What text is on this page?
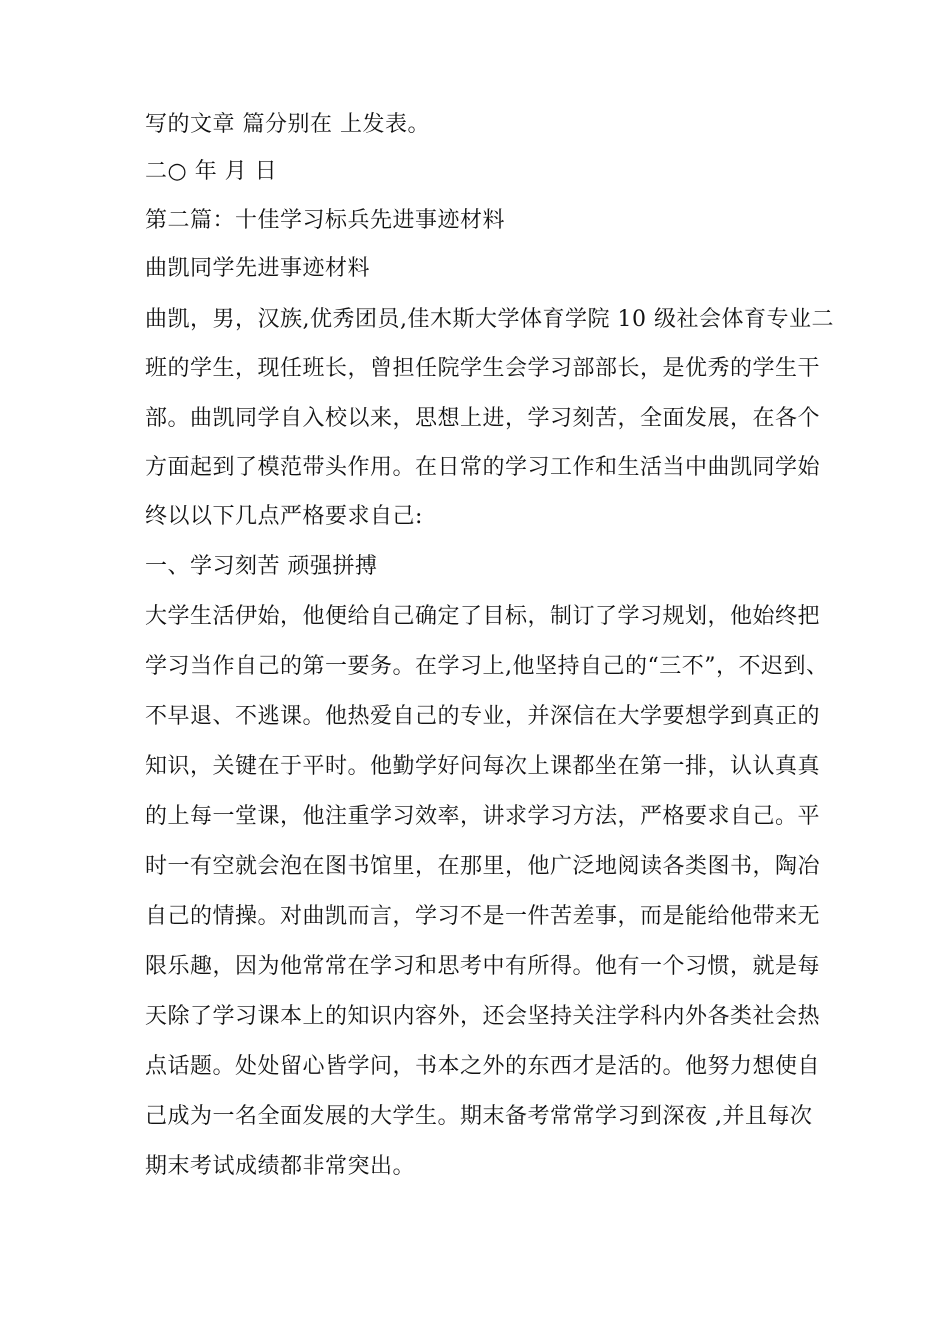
写的文章 篇分别在 上发表。
二○ 年 月 日
第二篇：十佳学习标兵先进事迹材料
曲凯同学先进事迹材料
曲凯，男，汉族,优秀团员,佳木斯大学体育学院 10 级社会体育专业二
班的学生，现任班长，曾担任院学生会学习部部长，是优秀的学生干
部。曲凯同学自入校以来，思想上进，学习刻苦，全面发展，在各个
方面起到了模范带头作用。在日常的学习工作和生活当中曲凯同学始
终以以下几点严格要求自己:
一、学习刻苦 顽强拼搏
大学生活伊始，他便给自己确定了目标，制订了学习规划，他始终把
学习当作自己的第一要务。在学习上,他坚持自己的“三不”，不迟到、
不早退、不逃课。他热爱自己的专业，并深信在大学要想学到真正的
知识，关键在于平时。他勤学好问每次上课都坐在第一排，认认真真
的上每一堂课，他注重学习效率，讲求学习方法，严格要求自己。平
时一有空就会泡在图书馆里，在那里，他广泛地阅读各类图书，陶冶
自己的情操。对曲凯而言，学习不是一件苦差事，而是能给他带来无
限乐趣，因为他常常在学习和思考中有所得。他有一个习惯，就是每
天除了学习课本上的知识内容外，还会坚持关注学科内外各类社会热
点话题。处处留心皆学问，书本之外的东西才是活的。他努力想使自
己成为一名全面发展的大学生。期末备考常常学习到深夜 ,并且每次
期末考试成绩都非常突出。
